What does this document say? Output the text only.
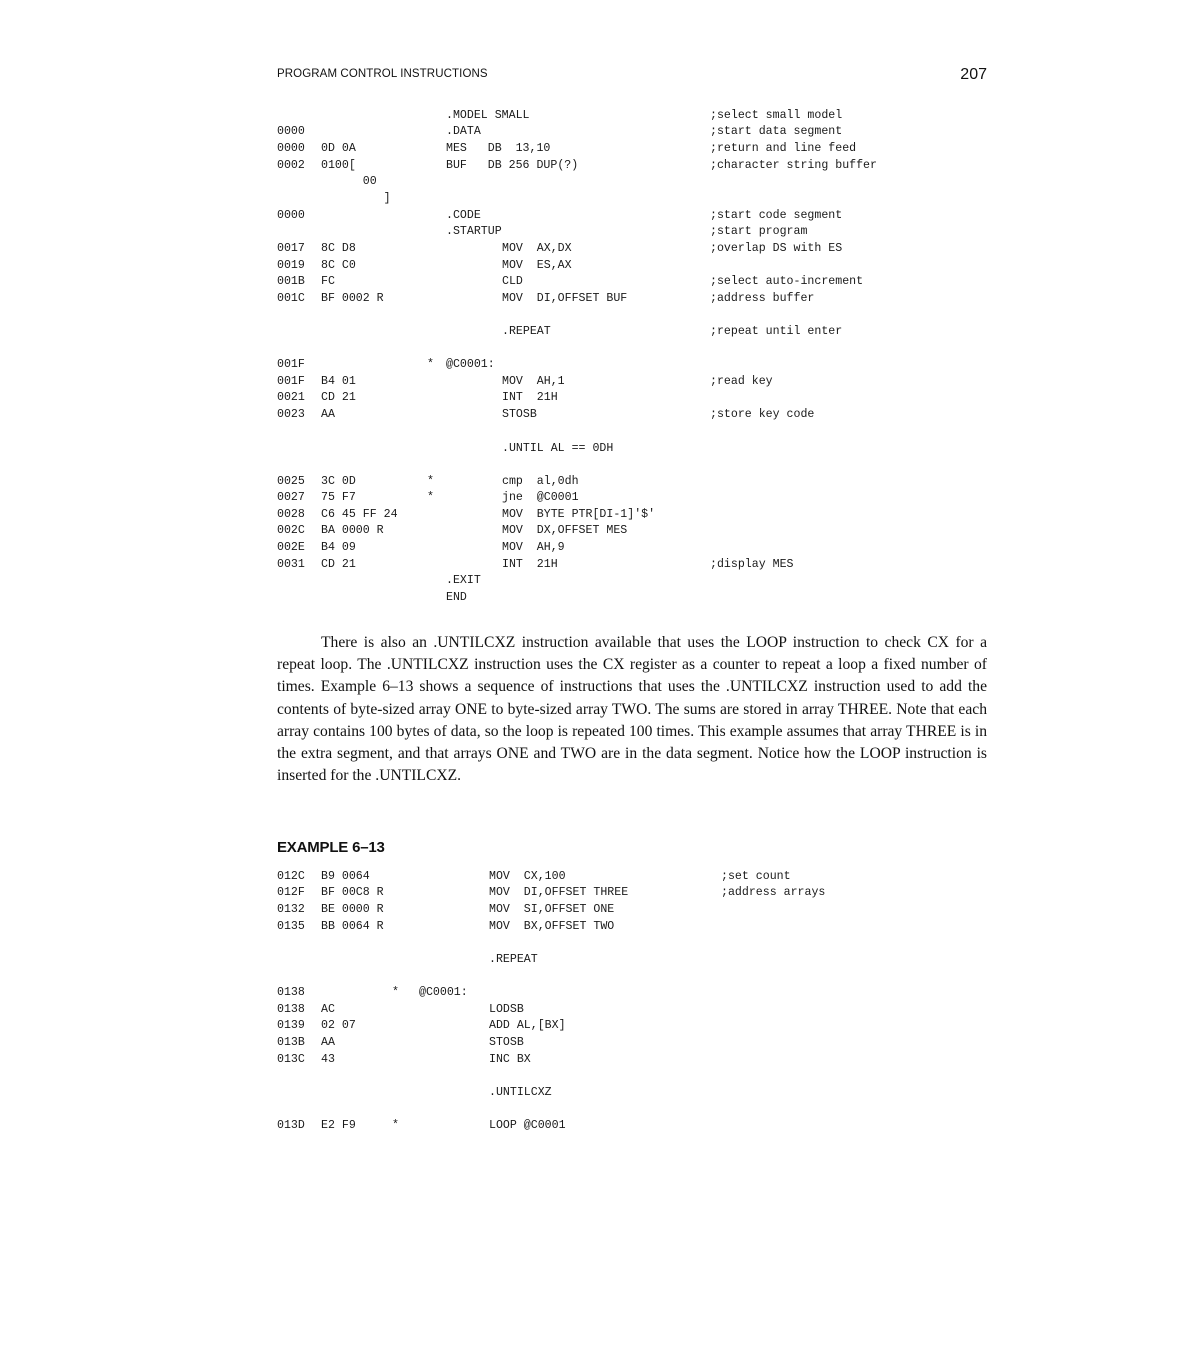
PROGRAM CONTROL INSTRUCTIONS	207
.MODEL SMALL	;select small model
0000	.DATA	;start data segment
0000 0D 0A	MES   DB  13,10	;return and line feed
0002 0100[	BUF   DB 256 DUP(?)	;character string buffer
00
]
0000	.CODE	;start code segment
.STARTUP	;start program
0017 8C D8	MOV  AX,DX	;overlap DS with ES
0019 8C C0	MOV  ES,AX
001B FC	CLD	;select auto-increment
001C BF 0002 R	MOV  DI,OFFSET BUF	;address buffer
.REPEAT	;repeat until enter
001F	* @C0001:
001F B4 01	MOV  AH,1	;read key
0021 CD 21	INT  21H
0023 AA	STOSB	;store key code
.UNTIL AL == 0DH
0025 3C 0D	*	cmp  al,0dh
0027 75 F7	*	jne  @C0001
0028 C6 45 FF 24	MOV  BYTE PTR[DI-1]'$'
002C BA 0000 R	MOV  DX,OFFSET MES
002E B4 09	MOV  AH,9
0031 CD 21	INT  21H	;display MES
.EXIT
END

There is also an .UNTILCXZ instruction available that uses the LOOP instruction to check CX for a repeat loop. The .UNTILCXZ instruction uses the CX register as a counter to repeat a loop a fixed number of times. Example 6–13 shows a sequence of instructions that uses the .UNTILCXZ instruction used to add the contents of byte-sized array ONE to byte-sized array TWO. The sums are stored in array THREE. Note that each array contains 100 bytes of data, so the loop is repeated 100 times. This example assumes that array THREE is in the extra segment, and that arrays ONE and TWO are in the data segment. Notice how the LOOP instruction is inserted for the .UNTILCXZ.

EXAMPLE 6–13
012C B9 0064	MOV  CX,100	;set count
012F BF 00C8 R	MOV  DI,OFFSET THREE	;address arrays
0132 BE 0000 R	MOV  SI,OFFSET ONE
0135 BB 0064 R	MOV  BX,OFFSET TWO
.REPEAT
0138	* @C0001:
0138 AC	LODSB
0139 02 07	ADD AL,[BX]
013B AA	STOSB
013C 43	INC BX
.UNTILCXZ
013D E2 F9	*	LOOP @C0001
